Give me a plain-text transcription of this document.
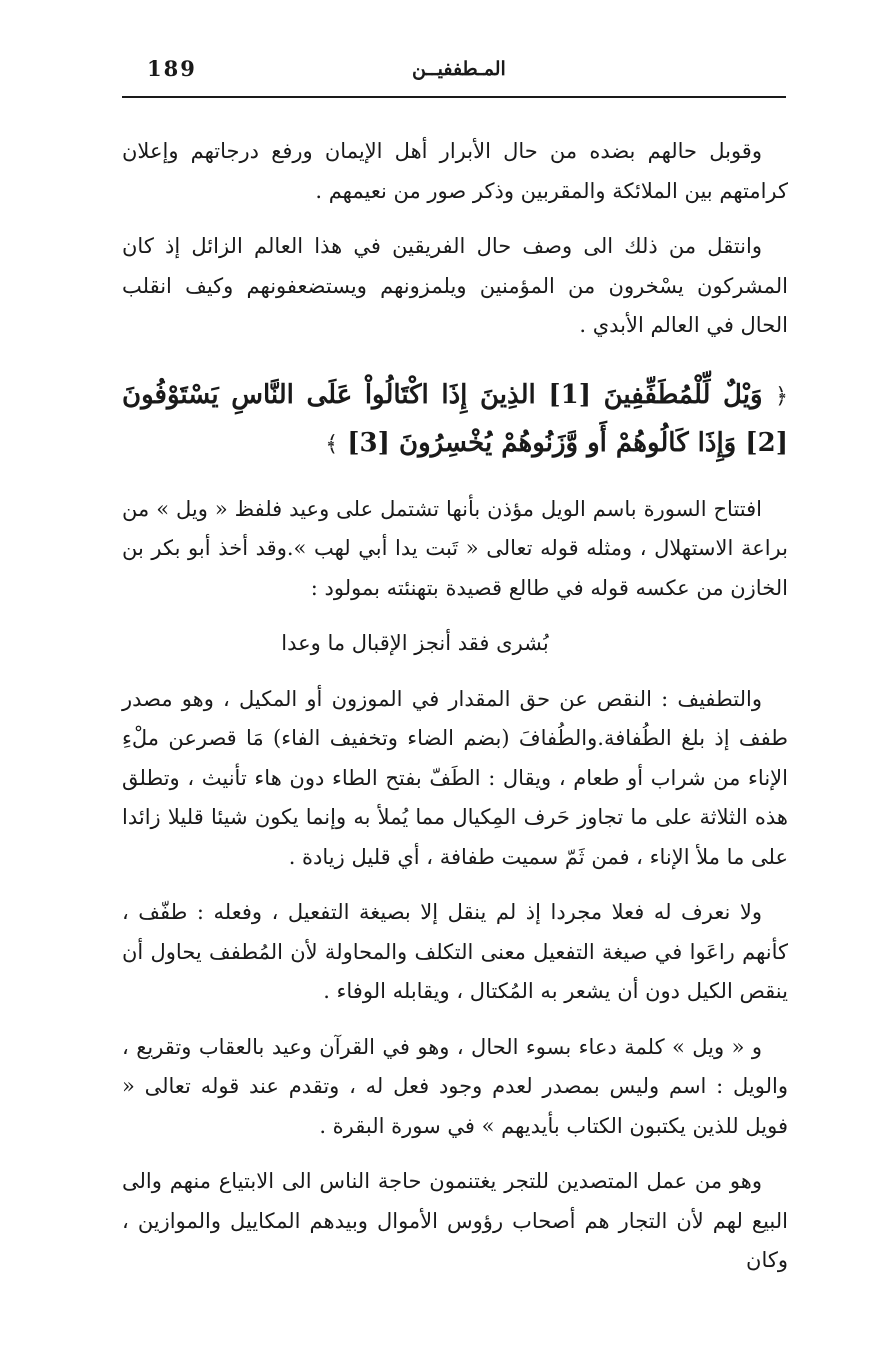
189	المـطففيــن

وقوبل حالهم بضده من حال الأبرار أهل الإيمان ورفع درجاتهم وإعلان كرامتهم بين الملائكة والمقربين وذكر صور من نعيمهم .

وانتقل من ذلك الى وصف حال الفريقين في هذا العالم الزائل إذ كان المشركون يسْخرون من المؤمنين ويلمزونهم ويستضعفونهم وكيف انقلب الحال في العالم الأبدي .

﴿ وَيْلٌ لِّلْمُطَفِّفِينَ [1] الذِينَ إِذَا اكْتَالُواْ عَلَى النَّاسِ يَسْتَوْفُونَ [2] وَإِذَا كَالُوهُمْ أَو وَّزَنُوهُمْ يُخْسِرُونَ [3] ﴾

افتتاح السورة باسم الويل مؤذن بأنها تشتمل على وعيد فلفظ « ويل » من براعة الاستهلال ، ومثله قوله تعالى « تَبت يدا أبي لهب ».وقد أخذ أبو بكر بن الخازن من عكسه قوله في طالع قصيدة بتهنئته بمولود :

بُشرى فقد أنجز الإقبال ما وعدا

والتطفيف : النقص عن حق المقدار في الموزون أو المكيل ، وهو مصدر طفف إذ بلغ الطُفافة.والطُفافَ (بضم الضاء وتخفيف الفاء) مَا قصرعن ملْءِ الإناء من شراب أو طعام ، ويقال : الطَفّ بفتح الطاء دون هاء تأنيث ، وتطلق هذه الثلاثة على ما تجاوز حَرف المِكيال مما يُملأ به وإنما يكون شيئا قليلا زائدا على ما ملأ الإناء ، فمن ثَمّ سميت طفافة ، أي قليل زيادة .

ولا نعرف له فعلا مجردا إذ لم ينقل إلا بصيغة التفعيل ، وفعله : طفّف ، كأنهم راعَوا في صيغة التفعيل معنى التكلف والمحاولة لأن المُطفف يحاول أن ينقص الكيل دون أن يشعر به المُكتال ، ويقابله الوفاء .

و « ويل » كلمة دعاء بسوء الحال ، وهو في القرآن وعيد بالعقاب وتقريع ، والويل : اسم وليس بمصدر لعدم وجود فعل له ، وتقدم عند قوله تعالى « فويل للذين يكتبون الكتاب بأيديهم » في سورة البقرة .

وهو من عمل المتصدين للتجر يغتنمون حاجة الناس الى الابتياع منهم والى البيع لهم لأن التجار هم أصحاب رؤوس الأموال وبيدهم المكاييل والموازين ، وكان
